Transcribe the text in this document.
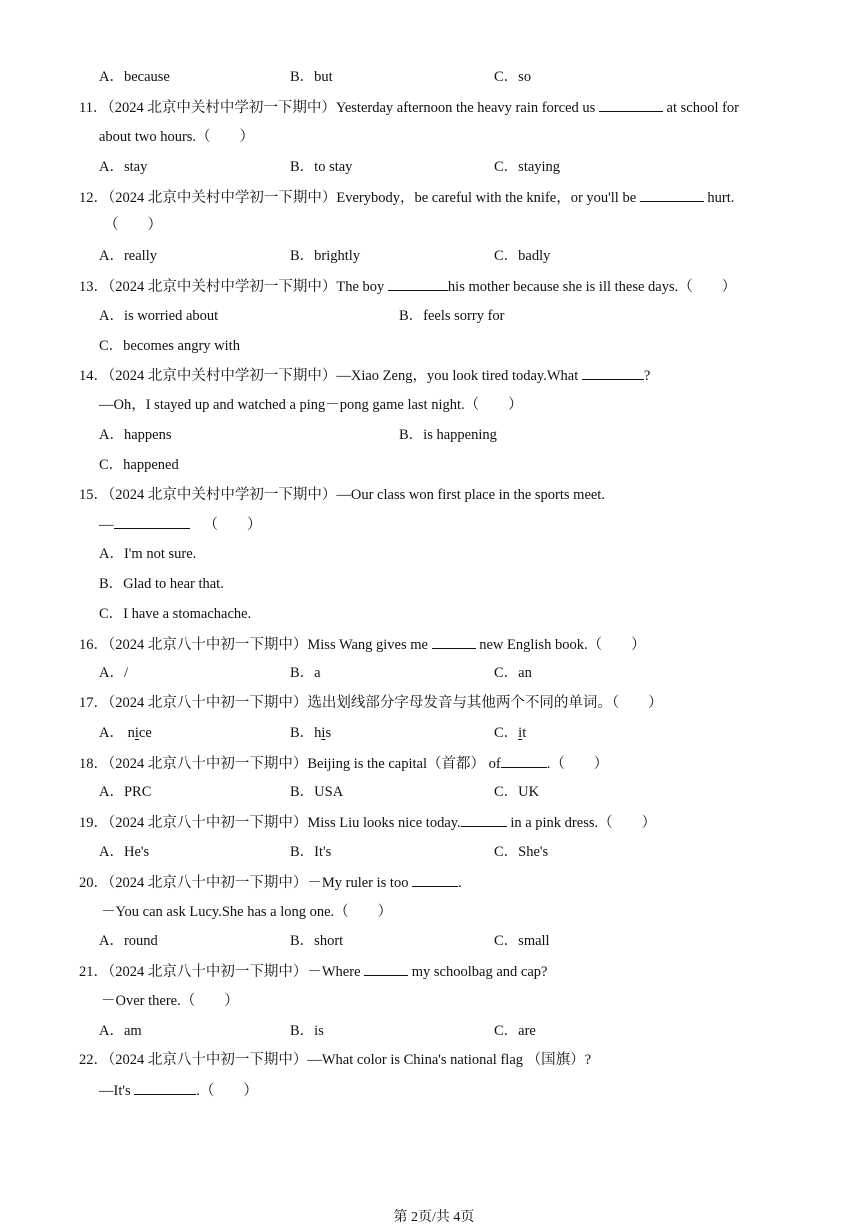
A．because	B．but	C．so
11．（2024 北京中关村中学初一下期中）Yesterday afternoon the heavy rain forced us	at school for
about two hours.（　　）
A．stay	B．to stay	C．staying
12．（2024 北京中关村中学初一下期中）Everybody，be careful with the knife，or you'll be	hurt.
（　　）
A．really	B．brightly	C．badly
13．（2024 北京中关村中学初一下期中）The boy	his mother because she is ill these days.（　　）
A．is worried about	B．feels sorry for
C．becomes angry with
14．（2024 北京中关村中学初一下期中）—Xiao Zeng，you look tired today.What	?
—Oh，I stayed up and watched a ping－pong game last night.（　　）
A．happens	B．is happening
C．happened
15．（2024 北京中关村中学初一下期中）—Our class won first place in the sports meet.
—	（　　）
A．I'm not sure.
B．Glad to hear that.
C．I have a stomachache.
16．（2024 北京八十中初一下期中）Miss Wang gives me	new English book.（　　）
A．/	B．a	C．an
17．（2024 北京八十中初一下期中）选出划线部分字母发音与其他两个不同的单词。（　　）
A． nice	B．his	C．it
18．（2024 北京八十中初一下期中）Beijing is the capital（首都） of	.（　　）
A．PRC	B．USA	C．UK
19．（2024 北京八十中初一下期中）Miss Liu looks nice today.	in a pink dress.（　　）
A．He's	B．It's	C．She's
20．（2024 北京八十中初一下期中）－My ruler is too	.
－You can ask Lucy.She has a long one.（　　）
A．round	B．short	C．small
21．（2024 北京八十中初一下期中）－Where	my schoolbag and cap?
－Over there.（　　）
A．am	B．is	C．are
22．（2024 北京八十中初一下期中）—What color is China's national flag （国旗）?
—It's	.（　　）
第 2页/共 4页
